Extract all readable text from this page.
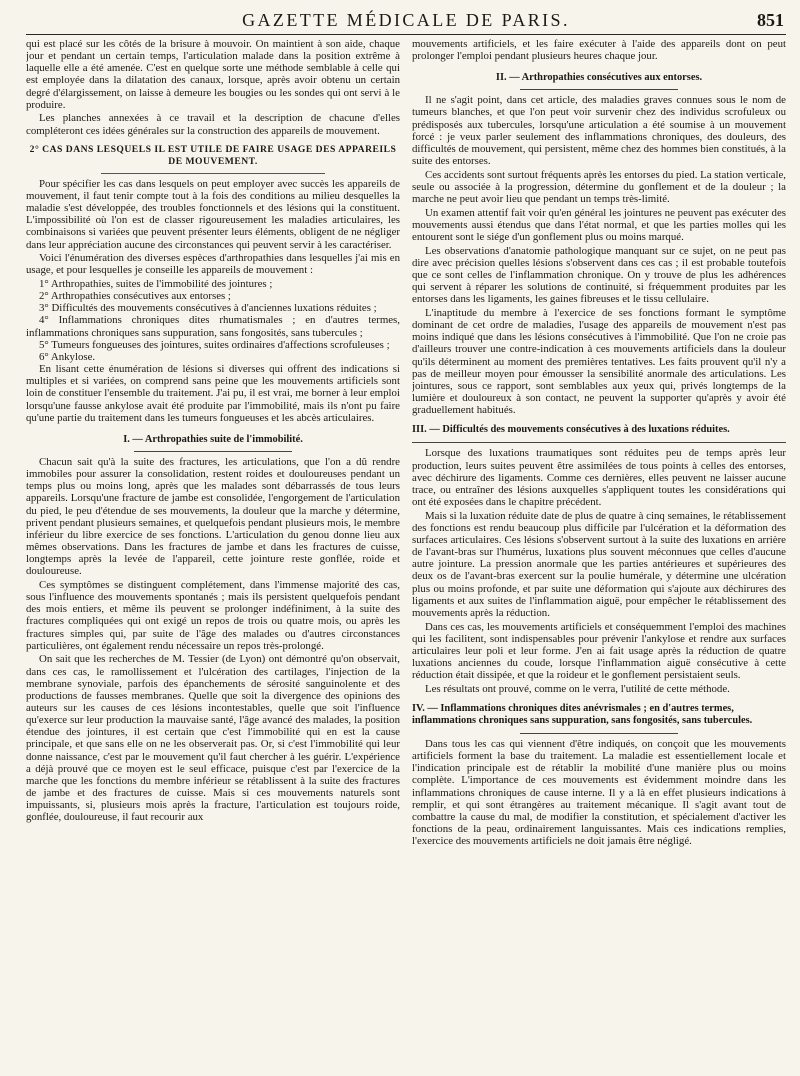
GAZETTE MÉDICALE DE PARIS.	851

qui est placé sur les côtés de la brisure à mouvoir. On maintient à son aide, chaque jour et pendant un certain temps, l'articulation malade dans la position extrême à laquelle elle a été amenée. C'est en quelque sorte une méthode semblable à celle qui est employée dans la dilatation des canaux, lorsque, après avoir obtenu un certain degré d'élargissement, on laisse à demeure les bougies ou les sondes qui ont servi à le produire.

Les planches annexées à ce travail et la description de chacune d'elles compléteront ces idées générales sur la construction des appareils de mouvement.

2° CAS DANS LESQUELS IL EST UTILE DE FAIRE USAGE DES APPAREILS DE MOUVEMENT.

Pour spécifier les cas dans lesquels on peut employer avec succès les appareils de mouvement, il faut tenir compte tout à la fois des conditions au milieu desquelles la maladie s'est développée, des troubles fonctionnels et des lésions qui la constituent. L'impossibilité où l'on est de classer rigoureusement les maladies articulaires, les combinaisons si variées que peuvent présenter leurs éléments, obligent de ne négliger dans leur appréciation aucune des circonstances qui peuvent servir à les caractériser.

Voici l'énumération des diverses espèces d'arthropathies dans lesquelles j'ai mis en usage, et pour lesquelles je conseille les appareils de mouvement :

1° Arthropathies, suites de l'immobilité des jointures ;

2° Arthropathies consécutives aux entorses ;

3° Difficultés des mouvements consécutives à d'anciennes luxations réduites ;

4° Inflammations chroniques dites rhumatismales ; en d'autres termes, inflammations chroniques sans suppuration, sans fongosités, sans tubercules ;

5° Tumeurs fongueuses des jointures, suites ordinaires d'affections scrofuleuses ;

6° Ankylose.

En lisant cette énumération de lésions si diverses qui offrent des indications si multiples et si variées, on comprend sans peine que les mouvements artificiels sont loin de constituer l'ensemble du traitement. J'ai pu, il est vrai, me borner à leur emploi lorsqu'une fausse ankylose avait été produite par l'immobilité, mais ils n'ont pu faire qu'une partie du traitement dans les tumeurs fongueuses et les abcès articulaires.

I. — Arthropathies suite de l'immobilité.

Chacun sait qu'à la suite des fractures, les articulations, que l'on a dû rendre immobiles pour assurer la consolidation, restent roides et douloureuses pendant un temps plus ou moins long, après que les malades sont débarrassés de tous leurs appareils. Lorsqu'une fracture de jambe est consolidée, l'engorgement de l'articulation du pied, le peu d'étendue de ses mouvements, la douleur que la marche y détermine, privent pendant plusieurs semaines, et quelquefois pendant plusieurs mois, le membre inférieur du libre exercice de ses fonctions. L'articulation du genou donne lieu aux mêmes observations. Dans les fractures de jambe et dans les fractures de cuisse, longtemps après la levée de l'appareil, cette jointure reste gonflée, roide et douloureuse.

Ces symptômes se distinguent complétement, dans l'immense majorité des cas, sous l'influence des mouvements spontanés ; mais ils persistent quelquefois pendant des mois entiers, et même ils peuvent se prolonger indéfiniment, à la suite des fractures compliquées qui ont exigé un repos de trois ou quatre mois, ou après les fractures simples qui, par suite de l'âge des malades ou d'autres circonstances particulières, ont également rendu nécessaire un repos très-prolongé.

On sait que les recherches de M. Tessier (de Lyon) ont démontré qu'on observait, dans ces cas, le ramollissement et l'ulcération des cartilages, l'injection de la membrane synoviale, parfois des épanchements de sérosité sanguinolente et des productions de fausses membranes. Quelle que soit la divergence des opinions des auteurs sur les causes de ces lésions incontestables, quelle que soit l'influence qu'exerce sur leur production la mauvaise santé, l'âge avancé des malades, la position étendue des jointures, il est certain que c'est l'immobilité qui en est la cause principale, et que sans elle on ne les observerait pas. Or, si c'est l'immobilité qui leur donne naissance, c'est par le mouvement qu'il faut chercher à les guérir. L'expérience a déjà prouvé que ce moyen est le seul efficace, puisque c'est par l'exercice de la marche que les fonctions du membre inférieur se rétablissent à la suite des fractures de jambe et des fractures de cuisse. Mais si ces mouvements naturels sont impuissants, si, plusieurs mois après la fracture, l'articulation est toujours roide, gonflée, douloureuse, il faut recourir aux

mouvements artificiels, et les faire exécuter à l'aide des appareils dont on peut prolonger l'emploi pendant plusieurs heures chaque jour.

II. — Arthropathies consécutives aux entorses.

Il ne s'agit point, dans cet article, des maladies graves connues sous le nom de tumeurs blanches, et que l'on peut voir survenir chez des individus scrofuleux ou prédisposés aux tubercules, lorsqu'une articulation a été soumise à un mouvement forcé : je veux parler seulement des inflammations chroniques, des douleurs, des difficultés de mouvement, qui persistent, même chez des hommes bien constitués, à la suite des entorses.

Ces accidents sont surtout fréquents après les entorses du pied. La station verticale, seule ou associée à la progression, détermine du gonflement et de la douleur ; la marche ne peut avoir lieu que pendant un temps très-limité.

Un examen attentif fait voir qu'en général les jointures ne peuvent pas exécuter des mouvements aussi étendus que dans l'état normal, et que les parties molles qui les entourent sont le siége d'un gonflement plus ou moins marqué.

Les observations d'anatomie pathologique manquant sur ce sujet, on ne peut pas dire avec précision quelles lésions s'observent dans ces cas ; il est probable toutefois que ce sont celles de l'inflammation chronique. On y trouve de plus les adhérences qui servent à réparer les solutions de continuité, si fréquemment produites par les entorses dans les ligaments, les gaines fibreuses et le tissu cellulaire.

L'inaptitude du membre à l'exercice de ses fonctions formant le symptôme dominant de cet ordre de maladies, l'usage des appareils de mouvement n'est pas moins indiqué que dans les lésions consécutives à l'immobilité. Que l'on ne croie pas d'ailleurs trouver une contre-indication à ces mouvements artificiels dans la douleur qu'ils déterminent au moment des premières tentatives. Les faits prouvent qu'il n'y a pas de meilleur moyen pour émousser la sensibilité anormale des articulations. Les jointures, sous ce rapport, sont semblables aux yeux qui, privés longtemps de la lumière et douloureux à son contact, ne peuvent la supporter qu'après y avoir été graduellement habitués.

III. — Difficultés des mouvements consécutives à des luxations réduites.

Lorsque des luxations traumatiques sont réduites peu de temps après leur production, leurs suites peuvent être assimilées de tous points à celles des entorses, avec déchirure des ligaments. Comme ces dernières, elles peuvent ne laisser aucune trace, ou entraîner des lésions auxquelles s'appliquent toutes les considérations qui ont été exposées dans le chapitre précédent.

Mais si la luxation réduite date de plus de quatre à cinq semaines, le rétablissement des fonctions est rendu beaucoup plus difficile par l'ulcération et la déformation des surfaces articulaires. Ces lésions s'observent surtout à la suite des luxations en arrière de l'avant-bras sur l'humérus, luxations plus souvent méconnues que celles d'aucune autre jointure. La pression anormale que les parties antérieures et supérieures des deux os de l'avant-bras exercent sur la poulie humérale, y détermine une ulcération plus ou moins profonde, et par suite une déformation qui s'ajoute aux déchirures des ligaments et aux suites de l'inflammation aiguë, pour empêcher le rétablissement des mouvements après la réduction.

Dans ces cas, les mouvements artificiels et conséquemment l'emploi des machines qui les facilitent, sont indispensables pour prévenir l'ankylose et rendre aux surfaces articulaires leur poli et leur forme. J'en ai fait usage après la réduction de quatre luxations anciennes du coude, lorsque l'inflammation aiguë consécutive à cette réduction était dissipée, et que la roideur et le gonflement persistaient seuls.

Les résultats ont prouvé, comme on le verra, l'utilité de cette méthode.

IV. — Inflammations chroniques dites anévrismales ; en d'autres termes, inflammations chroniques sans suppuration, sans fongosités, sans tubercules.

Dans tous les cas qui viennent d'être indiqués, on conçoit que les mouvements artificiels forment la base du traitement. La maladie est essentiellement locale et l'indication principale est de rétablir la mobilité d'une manière plus ou moins complète. L'importance de ces mouvements est évidemment moindre dans les inflammations chroniques de cause interne. Il y a là en effet plusieurs indications à remplir, et qui sont étrangères au traitement mécanique. Il s'agit avant tout de combattre la cause du mal, de modifier la constitution, et spécialement d'activer les fonctions de la peau, ordinairement languissantes. Mais ces indications remplies, l'exercice des mouvements artificiels ne doit jamais être négligé.
